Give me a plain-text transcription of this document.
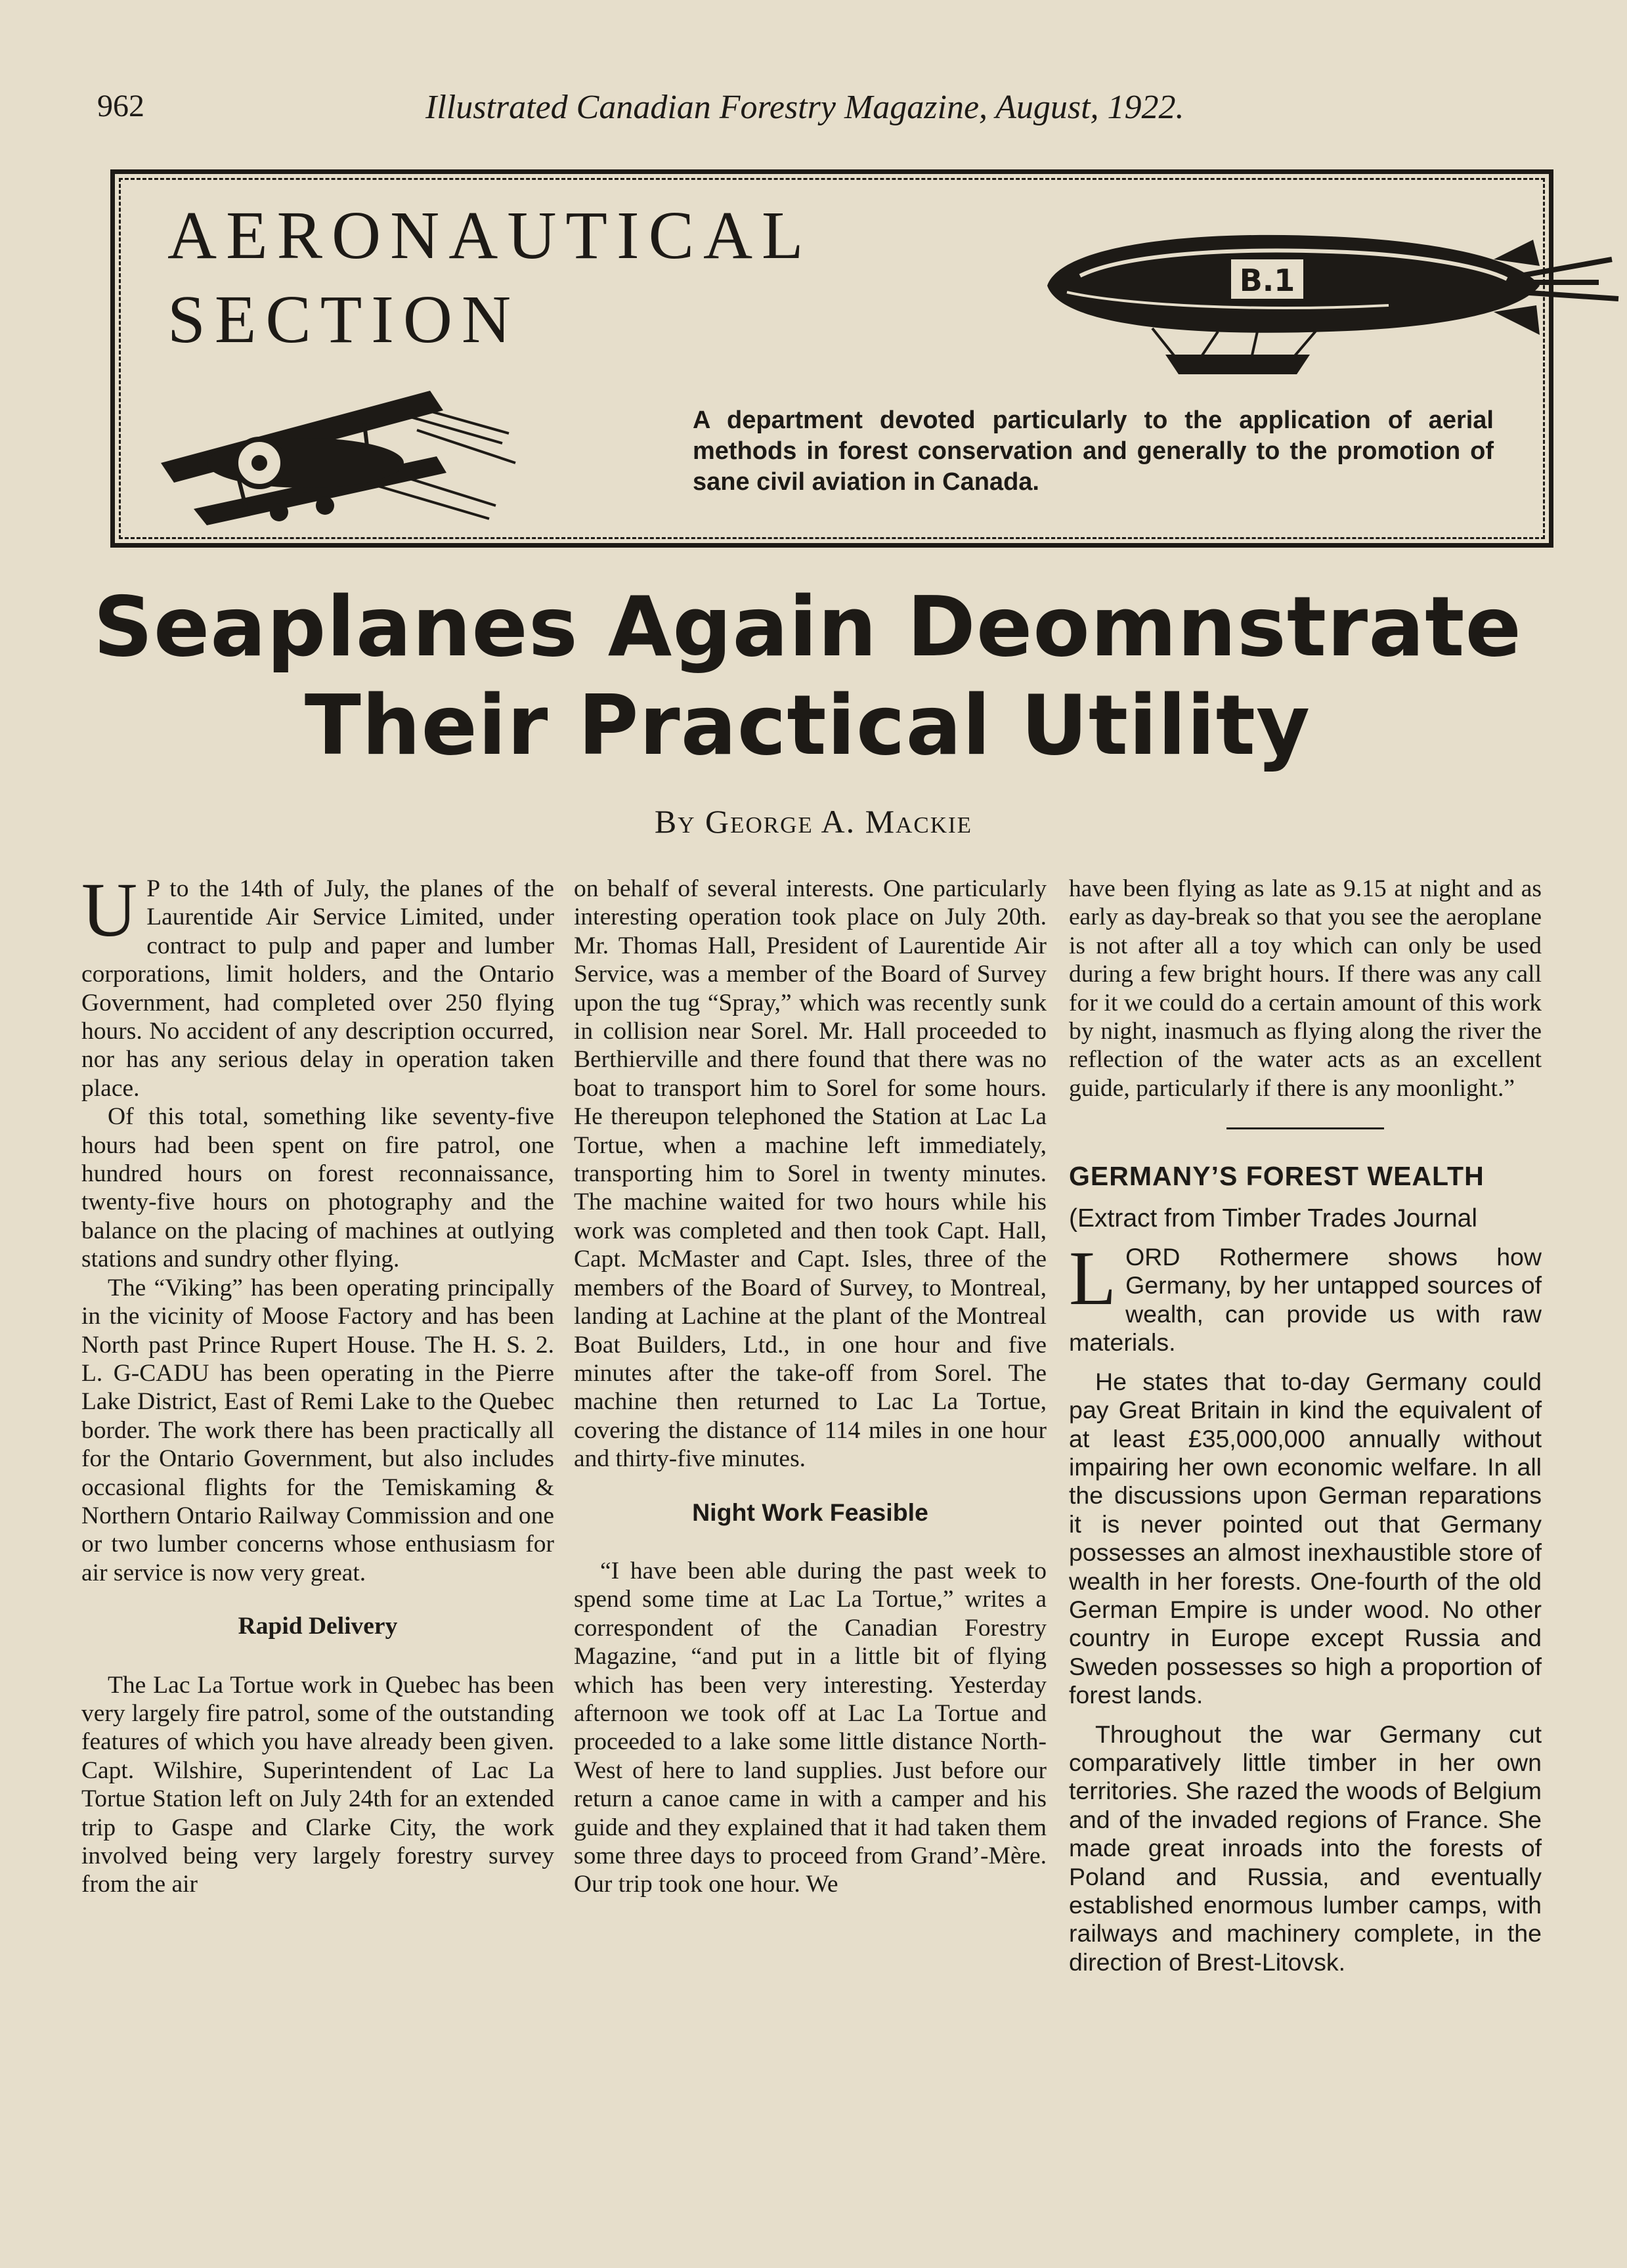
962	Illustrated Canadian Forestry Magazine, August, 1922.
AERONAUTICAL
SECTION
B.1
A department devoted particularly to the application of aerial methods in forest conservation and generally to the promotion of sane civil aviation in Canada.
Seaplanes Again Deomnstrate
Their Practical Utility
By George A. Mackie

U P to the 14th of July, the planes of the Laurentide Air Service Limited, under contract to pulp and paper and lumber corporations, limit holders, and the Ontario Government, had completed over 250 flying hours. No accident of any description occurred, nor has any serious delay in operation taken place.

Of this total, something like seventy-five hours had been spent on fire patrol, one hundred hours on forest reconnaissance, twenty-five hours on photography and the balance on the placing of machines at outlying stations and sundry other flying.

The “Viking” has been operating principally in the vicinity of Moose Factory and has been North past Prince Rupert House. The H. S. 2. L. G-CADU has been operating in the Pierre Lake District, East of Remi Lake to the Quebec border. The work there has been practically all for the Ontario Government, but also includes occasional flights for the Temiskaming & Northern Ontario Railway Commission and one or two lumber concerns whose enthusiasm for air service is now very great.

Rapid Delivery

The Lac La Tortue work in Quebec has been very largely fire patrol, some of the outstanding features of which you have already been given. Capt. Wilshire, Superintendent of Lac La Tortue Station left on July 24th for an extended trip to Gaspe and Clarke City, the work involved being very largely forestry survey from the air

on behalf of several interests. One particularly interesting operation took place on July 20th. Mr. Thomas Hall, President of Laurentide Air Service, was a member of the Board of Survey upon the tug “Spray,” which was recently sunk in collision near Sorel. Mr. Hall proceeded to Berthierville and there found that there was no boat to transport him to Sorel for some hours. He thereupon telephoned the Station at Lac La Tortue, when a machine left immediately, transporting him to Sorel in twenty minutes. The machine waited for two hours while his work was completed and then took Capt. Hall, Capt. McMaster and Capt. Isles, three of the members of the Board of Survey, to Montreal, landing at Lachine at the plant of the Montreal Boat Builders, Ltd., in one hour and five minutes after the take-off from Sorel. The machine then returned to Lac La Tortue, covering the distance of 114 miles in one hour and thirty-five minutes.

Night Work Feasible

“I have been able during the past week to spend some time at Lac La Tortue,” writes a correspondent of the Canadian Forestry Magazine, “and put in a little bit of flying which has been very interesting. Yesterday afternoon we took off at Lac La Tortue and proceeded to a lake some little distance North-West of here to land supplies. Just before our return a canoe came in with a camper and his guide and they explained that it had taken them some three days to proceed from Grand’-Mère. Our trip took one hour. We

have been flying as late as 9.15 at night and as early as day-break so that you see the aeroplane is not after all a toy which can only be used during a few bright hours. If there was any call for it we could do a certain amount of this work by night, inasmuch as flying along the river the reflection of the water acts as an excellent guide, particularly if there is any moonlight.”

GERMANY’S FOREST WEALTH

(Extract from Timber Trades Journal

LORD Rothermere shows how Germany, by her untapped sources of wealth, can provide us with raw materials.

He states that to-day Germany could pay Great Britain in kind the equivalent of at least £35,000,000 annually without impairing her own economic welfare. In all the discussions upon German reparations it is never pointed out that Germany possesses an almost inexhaustible store of wealth in her forests. One-fourth of the old German Empire is under wood. No other country in Europe except Russia and Sweden possesses so high a proportion of forest lands.

Throughout the war Germany cut comparatively little timber in her own territories. She razed the woods of Belgium and of the invaded regions of France. She made great inroads into the forests of Poland and Russia, and eventually established enormous lumber camps, with railways and machinery complete, in the direction of Brest-Litovsk.
